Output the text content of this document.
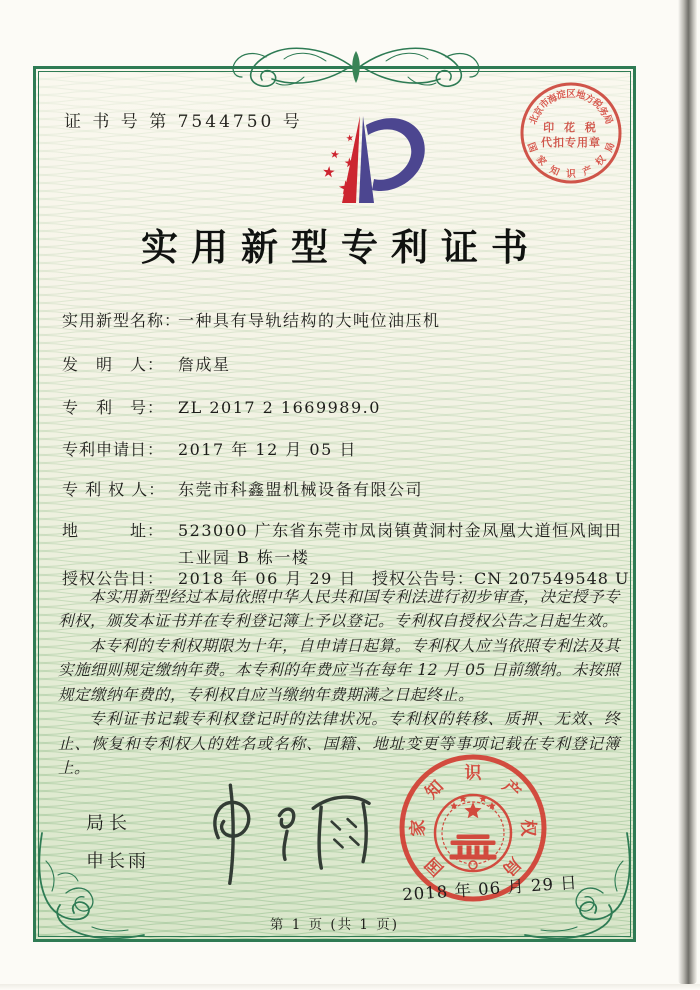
证 书 号 第 7544750 号	印 花 税
代扣专用章
北
京
市
海
淀
区
地
方
税
务
局
国
家
知 识 产
权
局
★
★
★
★
★
实用新型专利证书
实用新型名称：一种具有导轨结构的大吨位油压机
发　明　人： 詹成星
专　利　号： ZL 2017 2 1669989.0
专利申请日： 2017 年 12 月 05 日
专 利 权 人： 东莞市科鑫盟机械设备有限公司
地　　　址： 523000 广东省东莞市凤岗镇黄洞村金凤凰大道恒风闽田
工业园 B 栋一楼
授权公告日： 2018 年 06 月 29 日 授权公告号：CN 207549548 U

本实用新型经过本局依照中华人民共和国专利法进行初步审查，决定授予专利权，颁发本证书并在专利登记簿上予以登记。专利权自授权公告之日起生效。

本专利的专利权期限为十年，自申请日起算。专利权人应当依照专利法及其实施细则规定缴纳年费。本专利的年费应当在每年 12 月 05 日前缴纳。未按照规定缴纳年费的，专利权自应当缴纳年费期满之日起终止。

专利证书记载专利权登记时的法律状况。专利权的转移、质押、无效、终止、恢复和专利权人的姓名或名称、国籍、地址变更等事项记载在专利登记簿上。

局长
申长雨	国
家
知
识
产
权
局
2018 年 06 月 29 日
第 1 页 (共 1 页)
